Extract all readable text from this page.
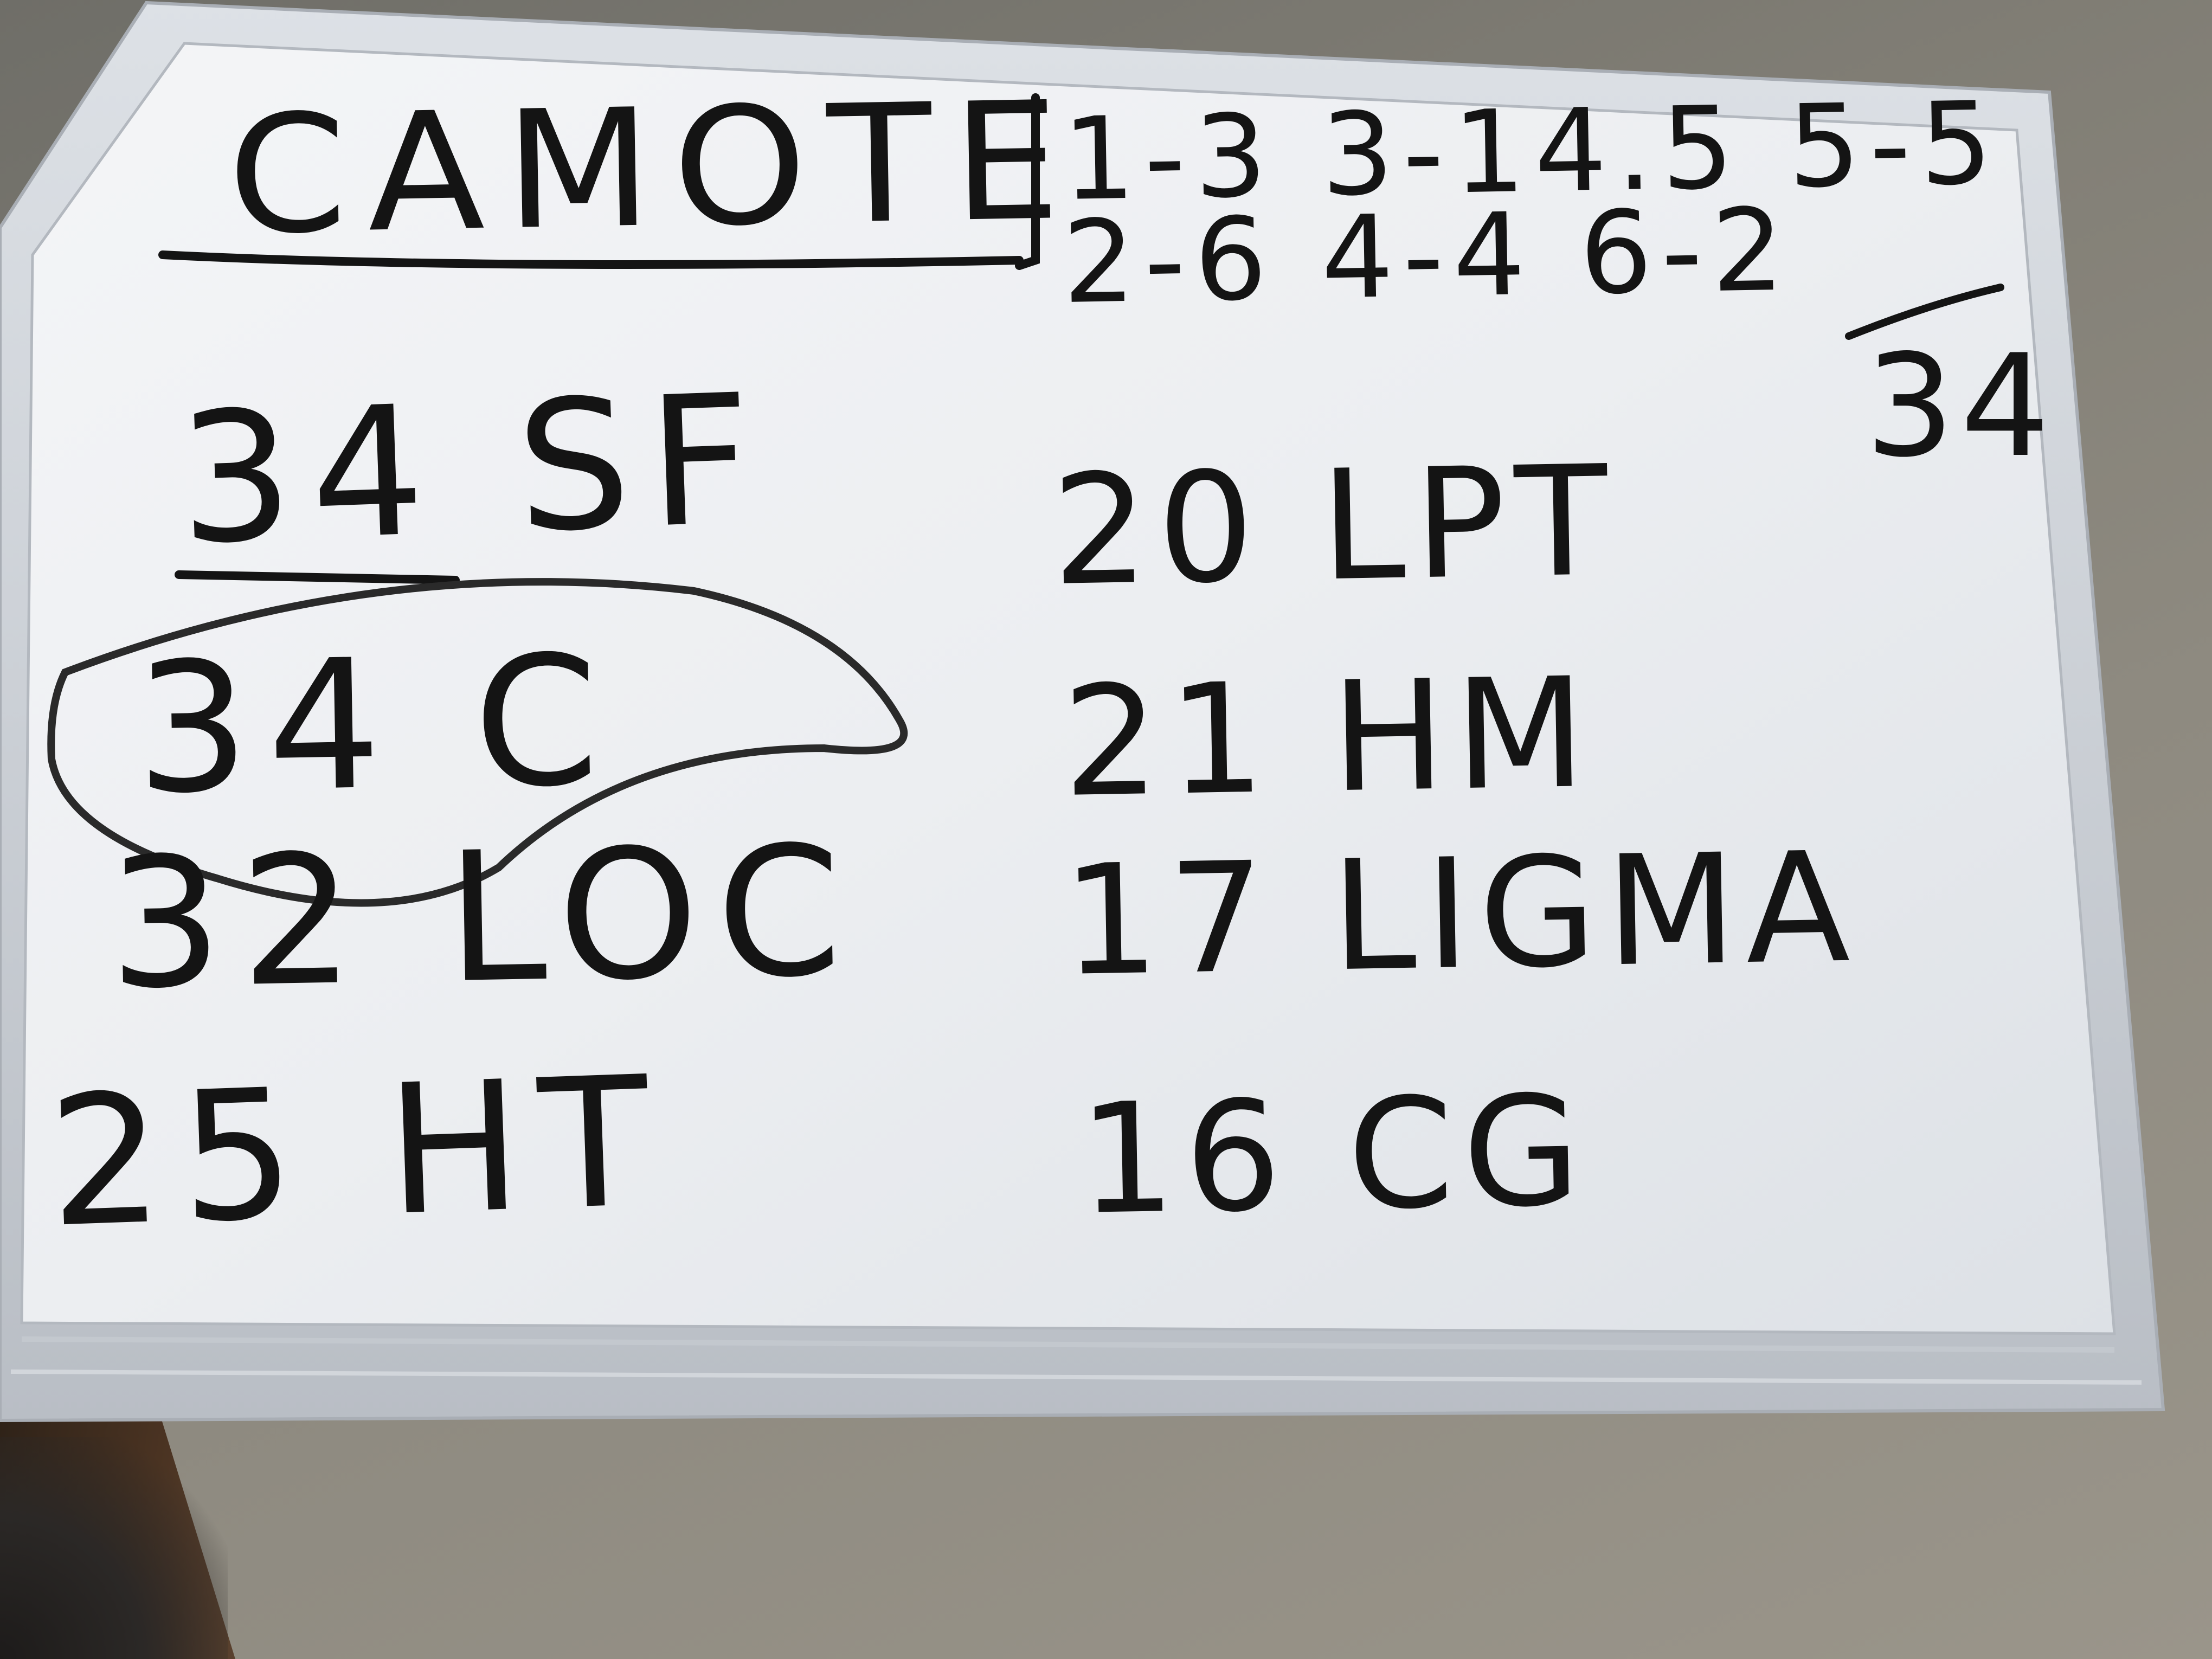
CAMOTE
1-3 3-14.5 5-5
2-6 4-4 6-2
34
34 SF
34 C
32 LOC
25 HT
20 LPT
21 HM
17 LIGMA
16 CG
